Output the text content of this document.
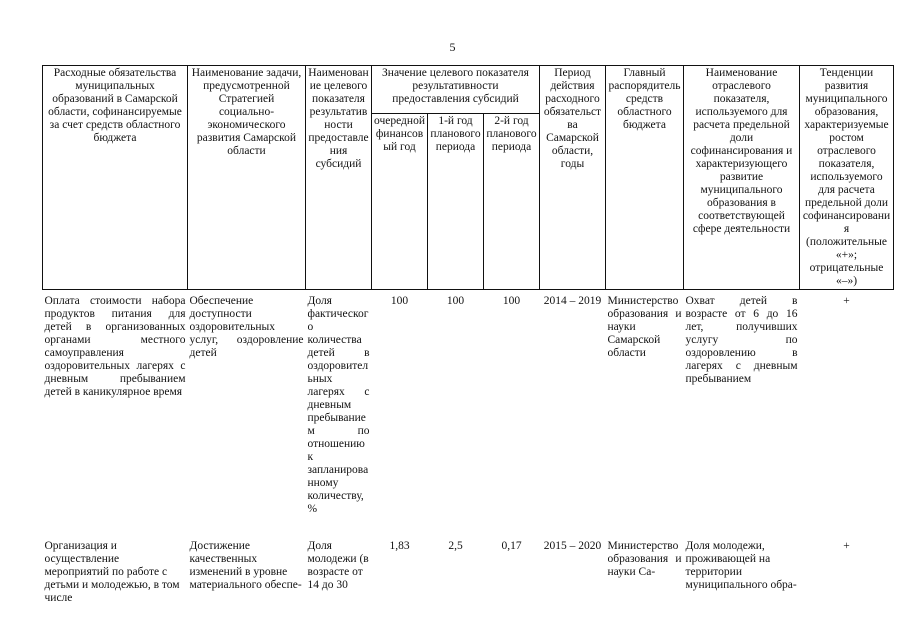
5
Расходные обязательства муниципальных образований в Самарской области, софинансируемые за счет средств областного бюджета	Наименование задачи, предусмотренной Стратегией социально-экономического развития Самарской области	Наименование целевого показателя результативности предоставления субсидий	Значение целевого показателя результативности предоставления субсидий			Период действия расходного обязательства Самарской области, годы	Главный распорядитель средств областного бюджета	Наименование отраслевого показателя, используемого для расчета предельной доли софинансирования и характеризующего развитие муниципального образования в соответствующей сфере деятельности	Тенденции развития муниципального образования, характеризуемые ростом отраслевого показателя, используемого для расчета предельной доли софинансирования (положительные «+»; отрицательные «–»)
			очередной финансовый год	1-й год планового периода	2-й год планового периода				
Оплата стоимости набора продуктов питания для детей в организованных органами местного самоуправления оздоровительных лагерях с дневным пребыванием детей в каникулярное время	Обеспечение доступности оздоровительных услуг, оздоровление детей	Доля фактического количества детей в оздоровительных лагерях с дневным пребыванием по отношению к запланированному количеству, %	100	100	100	2014 – 2019	Министерство образования и науки Самарской области	Охват детей в возрасте от 6 до 16 лет, получивших услугу по оздоровлению в лагерях с дневным пребыванием	+
Организация и осуществление мероприятий по работе с детьми и молодежью, в том числе	Достижение качественных изменений в уровне материального обеспе-	Доля молодежи (в возрасте от 14 до 30	1,83	2,5	0,17	2015 – 2020	Министерство образования и науки Са-	Доля молодежи, проживающей на территории муниципального обра-	+
